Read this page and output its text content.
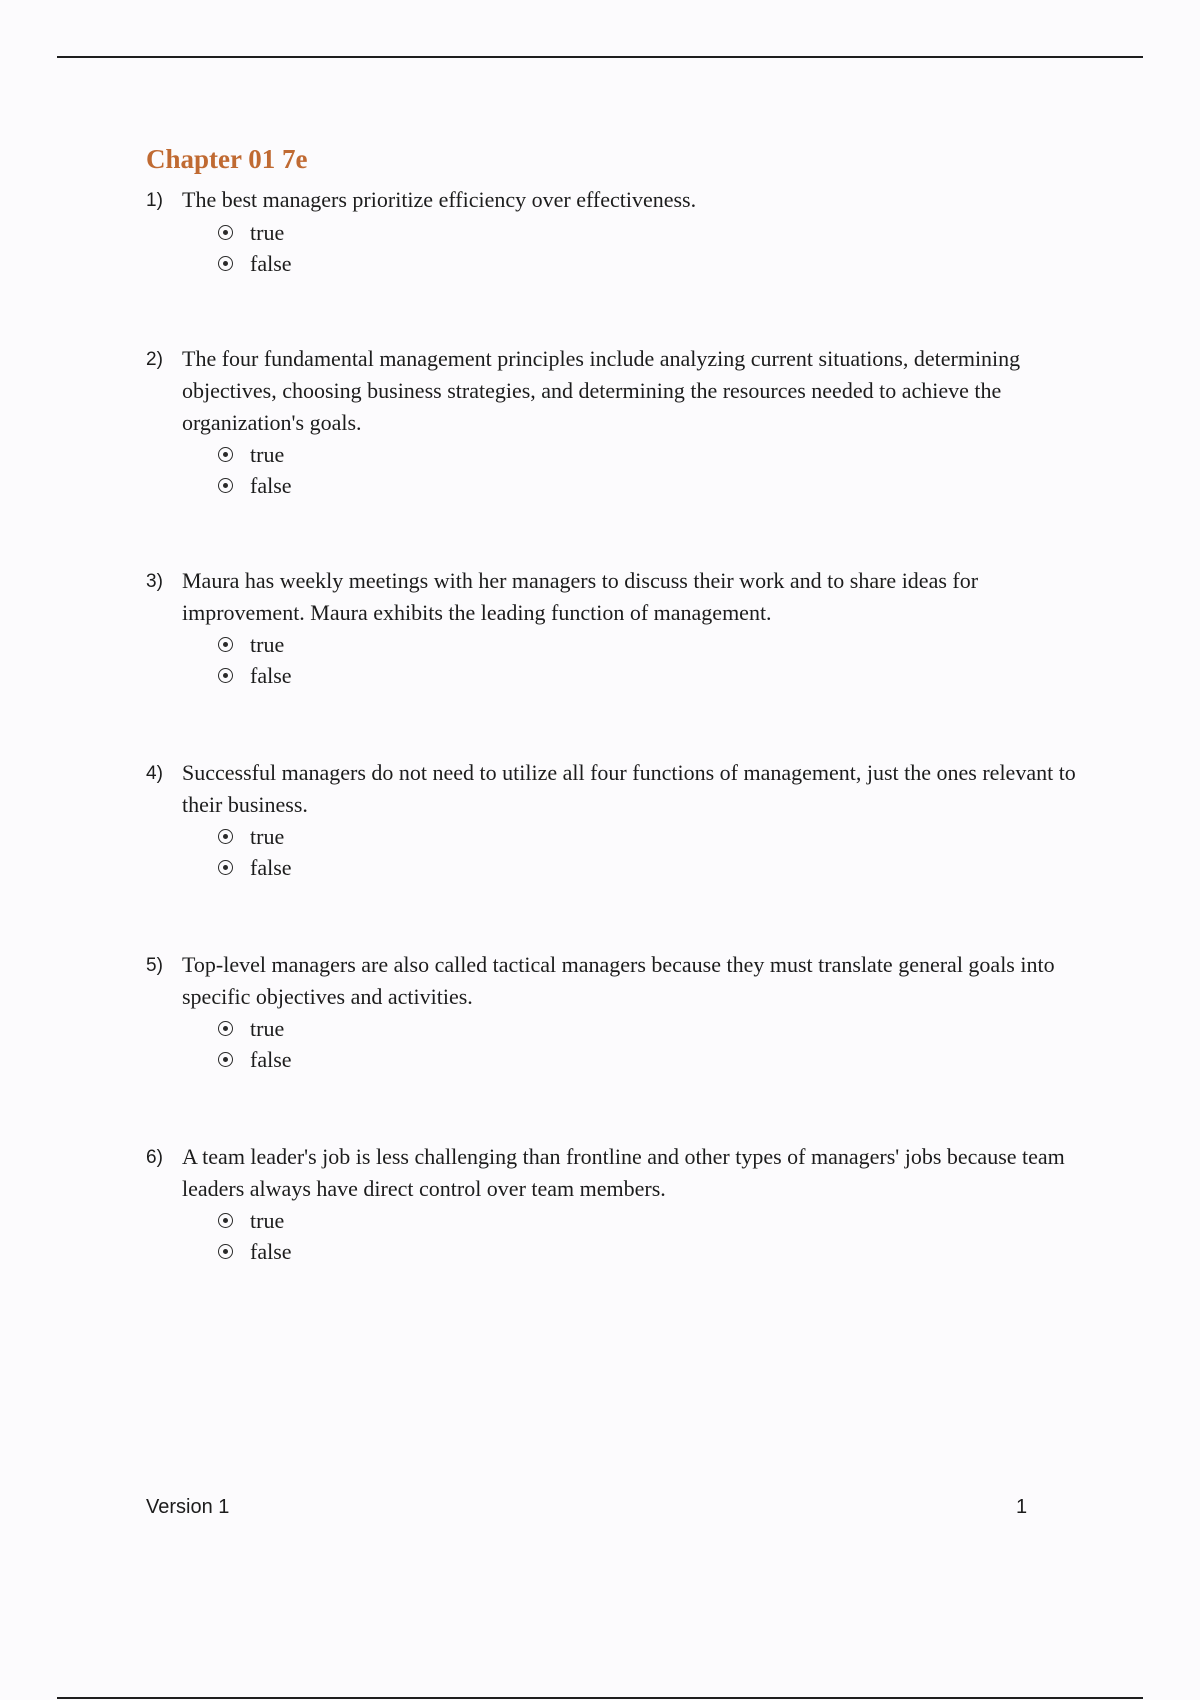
Chapter 01 7e
1) The best managers prioritize efficiency over effectiveness.
true
false
2) The four fundamental management principles include analyzing current situations, determining objectives, choosing business strategies, and determining the resources needed to achieve the organization's goals.
true
false
3) Maura has weekly meetings with her managers to discuss their work and to share ideas for improvement. Maura exhibits the leading function of management.
true
false
4) Successful managers do not need to utilize all four functions of management, just the ones relevant to their business.
true
false
5) Top-level managers are also called tactical managers because they must translate general goals into specific objectives and activities.
true
false
6) A team leader's job is less challenging than frontline and other types of managers' jobs because team leaders always have direct control over team members.
true
false
Version 1	1
